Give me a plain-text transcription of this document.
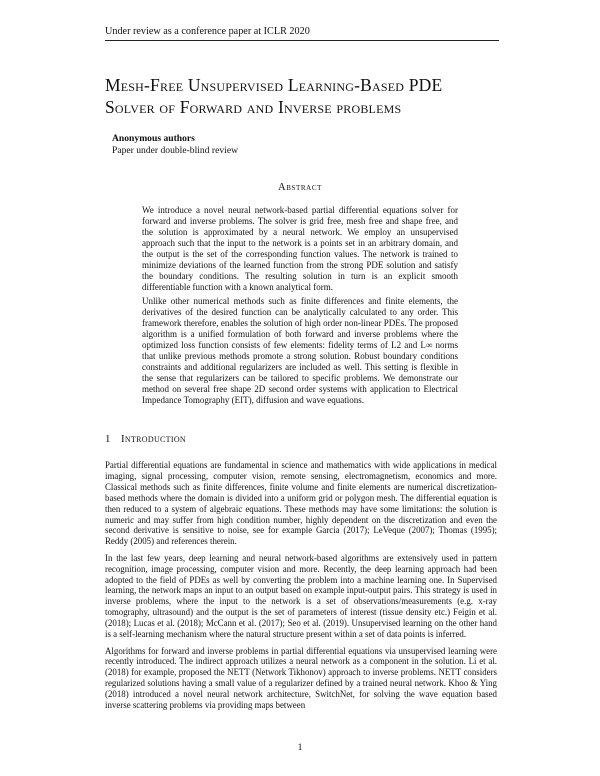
Under review as a conference paper at ICLR 2020
Mesh-Free Unsupervised Learning-Based PDE
Solver of Forward and Inverse problems
Anonymous authors
Paper under double-blind review
Abstract

We introduce a novel neural network-based partial differential equations solver for forward and inverse problems. The solver is grid free, mesh free and shape free, and the solution is approximated by a neural network. We employ an unsupervised approach such that the input to the network is a points set in an arbitrary domain, and the output is the set of the corresponding function values. The network is trained to minimize deviations of the learned function from the strong PDE solution and satisfy the boundary conditions. The resulting solution in turn is an explicit smooth differentiable function with a known analytical form.

Unlike other numerical methods such as finite differences and finite elements, the derivatives of the desired function can be analytically calculated to any order. This framework therefore, enables the solution of high order non-linear PDEs. The proposed algorithm is a unified formulation of both forward and inverse problems where the optimized loss function consists of few elements: fidelity terms of L2 and L∞ norms that unlike previous methods promote a strong solution. Robust boundary conditions constraints and additional regularizers are included as well. This setting is flexible in the sense that regularizers can be tailored to specific problems. We demonstrate our method on several free shape 2D second order systems with application to Electrical Impedance Tomography (EIT), diffusion and wave equations.

1 Introduction

Partial differential equations are fundamental in science and mathematics with wide applications in medical imaging, signal processing, computer vision, remote sensing, electromagnetism, economics and more. Classical methods such as finite differences, finite volume and finite elements are numerical discretization-based methods where the domain is divided into a uniform grid or polygon mesh. The differential equation is then reduced to a system of algebraic equations. These methods may have some limitations: the solution is numeric and may suffer from high condition number, highly dependent on the discretization and even the second derivative is sensitive to noise, see for example Garcia (2017); LeVeque (2007); Thomas (1995); Reddy (2005) and references therein.

In the last few years, deep learning and neural network-based algorithms are extensively used in pattern recognition, image processing, computer vision and more. Recently, the deep learning approach had been adopted to the field of PDEs as well by converting the problem into a machine learning one. In Supervised learning, the network maps an input to an output based on example input-output pairs. This strategy is used in inverse problems, where the input to the network is a set of observations/measurements (e.g. x-ray tomography, ultrasound) and the output is the set of parameters of interest (tissue density etc.) Feigin et al. (2018); Lucas et al. (2018); McCann et al. (2017); Seo et al. (2019). Unsupervised learning on the other hand is a self-learning mechanism where the natural structure present within a set of data points is inferred.

Algorithms for forward and inverse problems in partial differential equations via unsupervised learning were recently introduced. The indirect approach utilizes a neural network as a component in the solution. Li et al. (2018) for example, proposed the NETT (Network Tikhonov) approach to inverse problems. NETT considers regularized solutions having a small value of a regularizer defined by a trained neural network. Khoo & Ying (2018) introduced a novel neural network architecture, SwitchNet, for solving the wave equation based inverse scattering problems via providing maps between

1
